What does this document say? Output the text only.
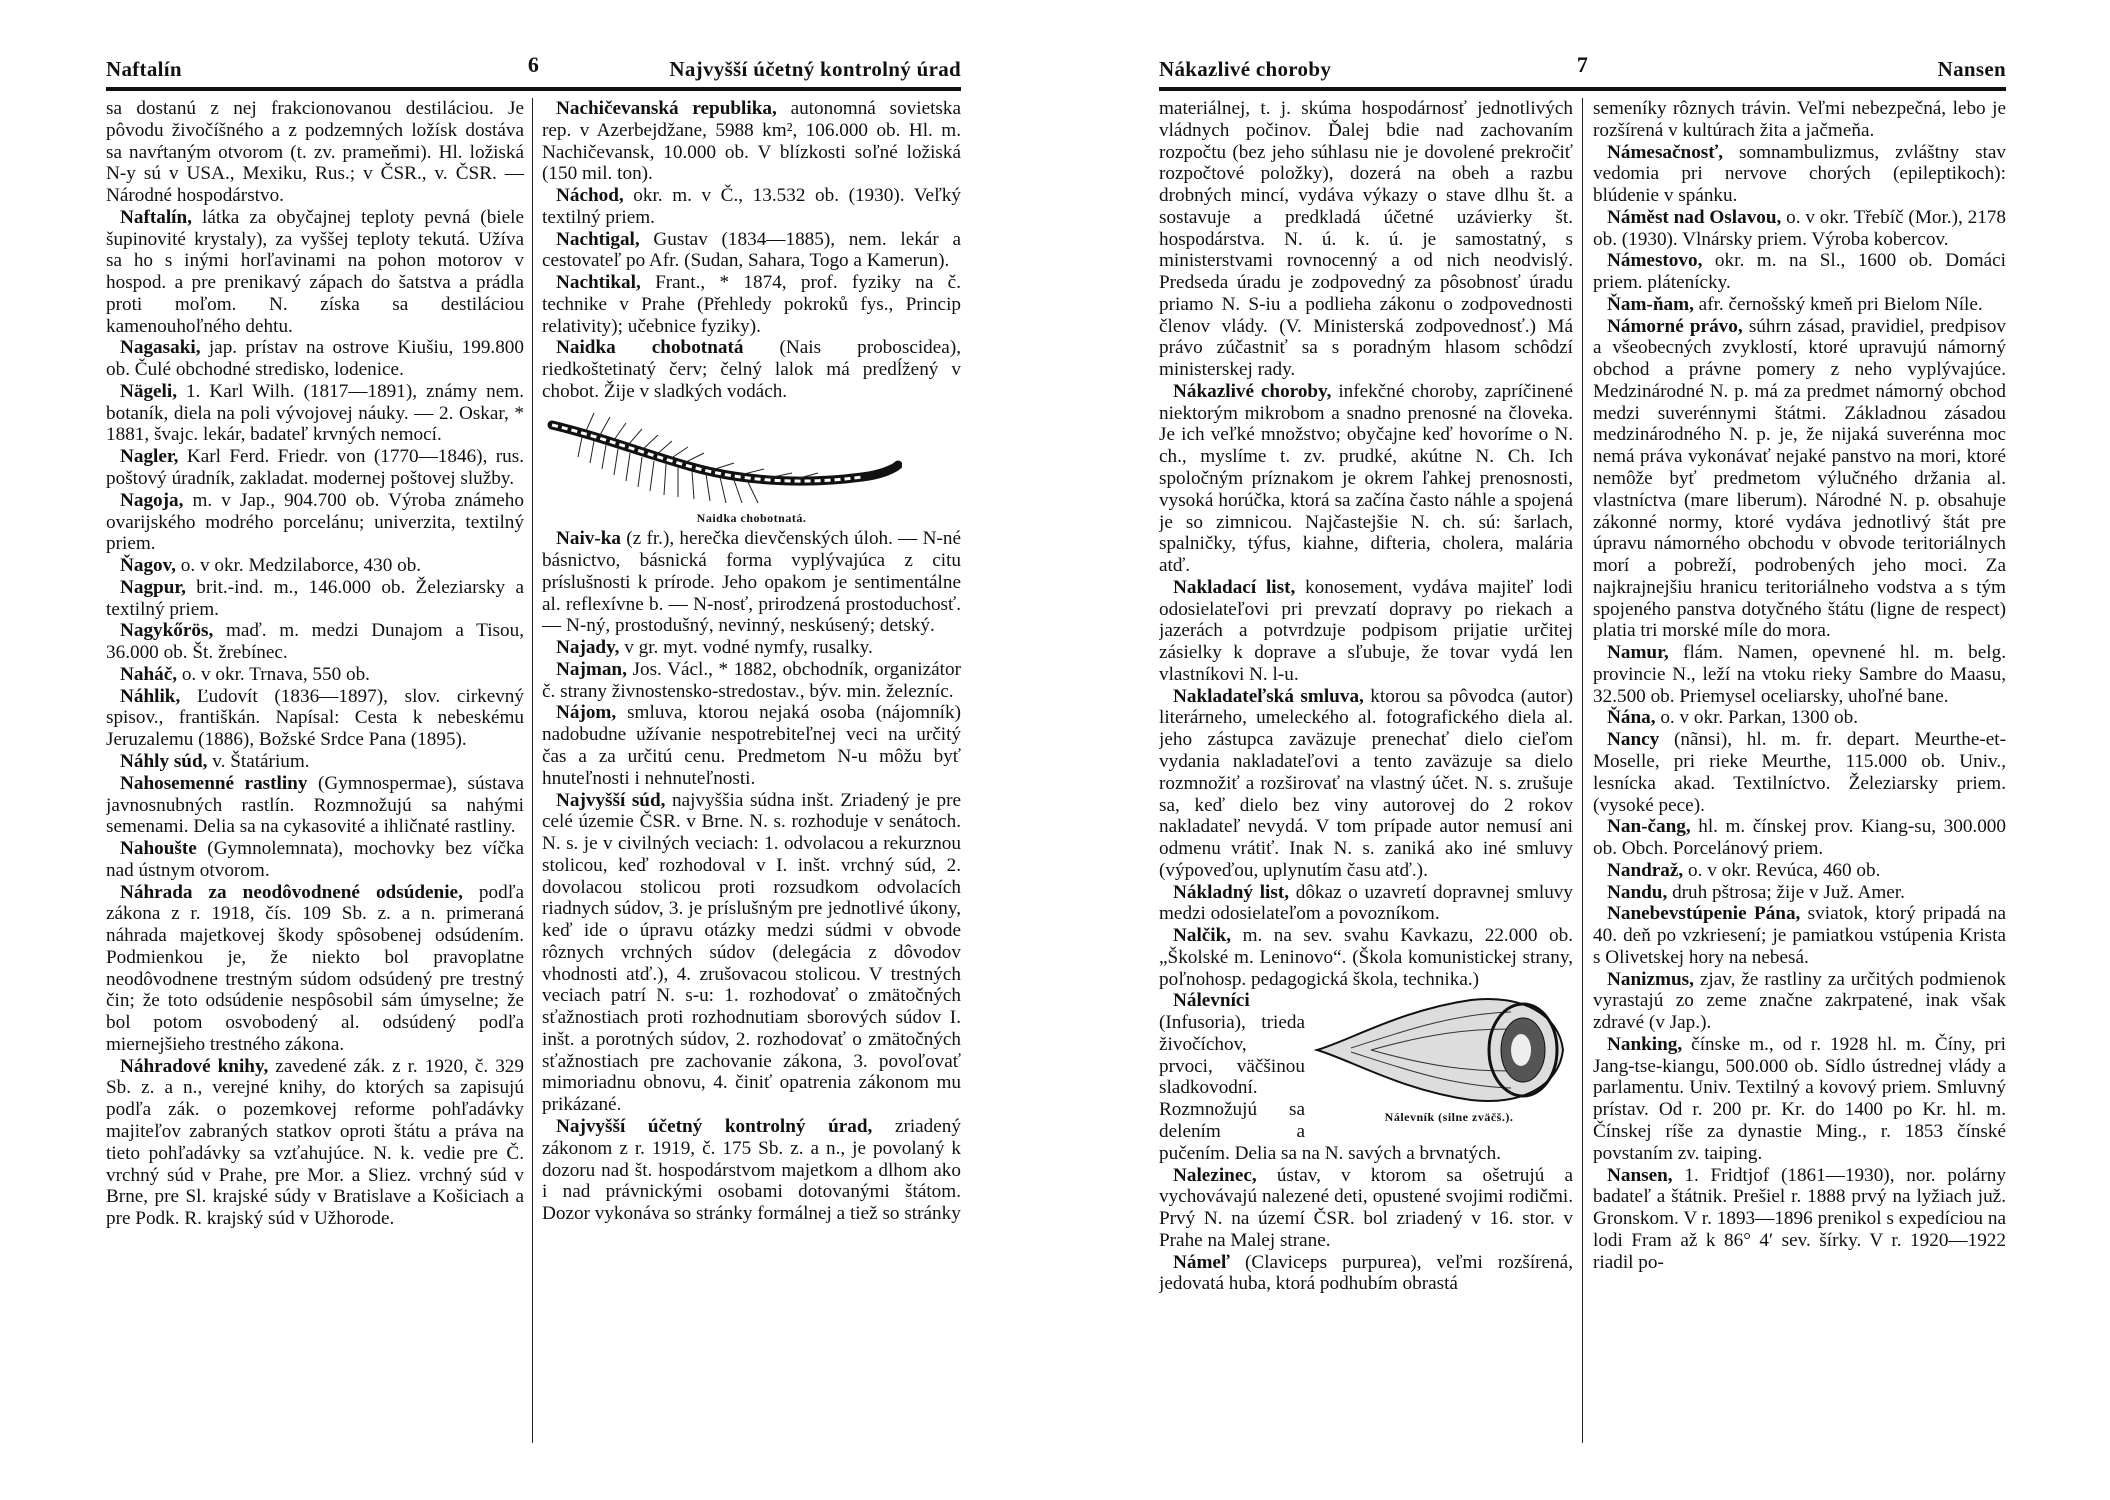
Naftalín	6	Najvyšší účetný kontrolný úrad

sa dostanú z nej frakcionovanou destiláciou. Je pôvodu živočíšného a z podzemných ložísk dostáva sa navŕtaným otvorom (t. zv. prameňmi). Hl. ložiská N-y sú v USA., Mexiku, Rus.; v ČSR., v. ČSR. — Národné hospodárstvo.

Naftalín, látka za obyčajnej teploty pevná (biele šupinovité krystaly), za vyššej teploty tekutá. Užíva sa ho s inými horľavinami na pohon motorov v hospod. a pre prenikavý zápach do šatstva a prádla proti moľom. N. získa sa destiláciou kamenouhoľného dehtu.

Nagasaki, jap. prístav na ostrove Kiušiu, 199.800 ob. Čulé obchodné stredisko, lodenice.

Nägeli, 1. Karl Wilh. (1817—1891), známy nem. botaník, diela na poli vývojovej náuky. — 2. Oskar, * 1881, švajc. lekár, badateľ krvných nemocí.

Nagler, Karl Ferd. Friedr. von (1770—1846), rus. poštový úradník, zakladat. modernej poštovej služby.

Nagoja, m. v Jap., 904.700 ob. Výroba známeho ovarijského modrého porcelánu; univerzita, textilný priem.

Ňagov, o. v okr. Medzilaborce, 430 ob.

Nagpur, brit.-ind. m., 146.000 ob. Železiarsky a textilný priem.

Nagykőrös, maď. m. medzi Dunajom a Tisou, 36.000 ob. Št. žrebínec.

Naháč, o. v okr. Trnava, 550 ob.

Náhlik, Ľudovít (1836—1897), slov. cirkevný spisov., františkán. Napísal: Cesta k nebeskému Jeruzalemu (1886), Božské Srdce Pana (1895).

Náhly súd, v. Štatárium.

Nahosemenné rastliny (Gymnospermae), sústava javnosnubných rastlín. Rozmnožujú sa nahými semenami. Delia sa na cykasovité a ihličnaté rastliny.

Nahoušte (Gymnolemnata), mochovky bez víčka nad ústnym otvorom.

Náhrada za neodôvodnené odsúdenie, podľa zákona z r. 1918, čís. 109 Sb. z. a n. primeraná náhrada majetkovej škody spôsobenej odsúdením. Podmienkou je, že niekto bol pravoplatne neodôvodnene trestným súdom odsúdený pre trestný čin; že toto odsúdenie nespôsobil sám úmyselne; že bol potom osvobodený al. odsúdený podľa miernejšieho trestného zákona.

Náhradové knihy, zavedené zák. z r. 1920, č. 329 Sb. z. a n., verejné knihy, do ktorých sa zapisujú podľa zák. o pozemkovej reforme pohľadávky majiteľov zabraných statkov oproti štátu a práva na tieto pohľadávky sa vzťahujúce. N. k. vedie pre Č. vrchný súd v Prahe, pre Mor. a Sliez. vrchný súd v Brne, pre Sl. krajské súdy v Bratislave a Košiciach a pre Podk. R. krajský súd v Užhorode.

Nachičevanská republika, autonomná sovietska rep. v Azerbejdžane, 5988 km², 106.000 ob. Hl. m. Nachičevansk, 10.000 ob. V blízkosti soľné ložiská (150 mil. ton).

Náchod, okr. m. v Č., 13.532 ob. (1930). Veľký textilný priem.

Nachtigal, Gustav (1834—1885), nem. lekár a cestovateľ po Afr. (Sudan, Sahara, Togo a Kamerun).

Nachtikal, Frant., * 1874, prof. fyziky na č. technike v Prahe (Přehledy pokroků fys., Princip relativity); učebnice fyziky).

Naidka chobotnatá (Nais proboscidea), riedkoštetinatý červ; čelný lalok má predĺžený v chobot. Žije v sladkých vodách.

Naidka chobotnatá.

Naiv-ka (z fr.), herečka dievčenských úloh. — N-né básnictvo, básnická forma vyplývajúca z citu príslušnosti k prírode. Jeho opakom je sentimentálne al. reflexívne b. — N-nosť, prirodzená prostoduchosť. — N-ný, prostodušný, nevinný, neskúsený; detský.

Najady, v gr. myt. vodné nymfy, rusalky.

Najman, Jos. Václ., * 1882, obchodník, organizátor č. strany živnostensko-stredostav., býv. min. železníc.

Nájom, smluva, ktorou nejaká osoba (nájomník) nadobudne užívanie nespotrebiteľnej veci na určitý čas a za určitú cenu. Predmetom N-u môžu byť hnuteľnosti i nehnuteľnosti.

Najvyšší súd, najvyššia súdna inšt. Zriadený je pre celé územie ČSR. v Brne. N. s. rozhoduje v senátoch. N. s. je v civilných veciach: 1. odvolacou a rekurznou stolicou, keď rozhodoval v I. inšt. vrchný súd, 2. dovolacou stolicou proti rozsudkom odvolacích riadnych súdov, 3. je príslušným pre jednotlivé úkony, keď ide o úpravu otázky medzi súdmi v obvode rôznych vrchných súdov (delegácia z dôvodov vhodnosti atď.), 4. zrušovacou stolicou. V trestných veciach patrí N. s-u: 1. rozhodovať o zmätočných sťažnostiach proti rozhodnutiam sborových súdov I. inšt. a porotných súdov, 2. rozhodovať o zmätočných sťažnostiach pre zachovanie zákona, 3. povoľovať mimoriadnu obnovu, 4. činiť opatrenia zákonom mu prikázané.

Najvyšší účetný kontrolný úrad, zriadený zákonom z r. 1919, č. 175 Sb. z. a n., je povolaný k dozoru nad št. hospodárstvom majetkom a dlhom ako i nad právnickými osobami dotovanými štátom. Dozor vykonáva so stránky formálnej a tiež so stránky

Nákazlivé choroby	7	Nansen

materiálnej, t. j. skúma hospodárnosť jednotlivých vládnych počinov. Ďalej bdie nad zachovaním rozpočtu (bez jeho súhlasu nie je dovolené prekročiť rozpočtové položky), dozerá na obeh a razbu drobných mincí, vydáva výkazy o stave dlhu št. a sostavuje a predkladá účetné uzávierky št. hospodárstva. N. ú. k. ú. je samostatný, s ministerstvami rovnocenný a od nich neodvislý. Predseda úradu je zodpovedný za pôsobnosť úradu priamo N. S-iu a podlieha zákonu o zodpovednosti členov vlády. (V. Ministerská zodpovednosť.) Má právo zúčastniť sa s poradným hlasom schôdzí ministerskej rady.

Nákazlivé choroby, infekčné choroby, zapríčinené niektorým mikrobom a snadno prenosné na človeka. Je ich veľké množstvo; obyčajne keď hovoríme o N. ch., myslíme t. zv. prudké, akútne N. Ch. Ich spoločným príznakom je okrem ľahkej prenosnosti, vysoká horúčka, ktorá sa začína často náhle a spojená je so zimnicou. Najčastejšie N. ch. sú: šarlach, spalničky, týfus, kiahne, difteria, cholera, malária atď.

Nakladací list, konosement, vydáva majiteľ lodi odosielateľovi pri prevzatí dopravy po riekach a jazerách a potvrdzuje podpisom prijatie určitej zásielky k doprave a sľubuje, že tovar vydá len vlastníkovi N. l-u.

Nakladateľská smluva, ktorou sa pôvodca (autor) literárneho, umeleckého al. fotografického diela al. jeho zástupca zaväzuje prenechať dielo cieľom vydania nakladateľovi a tento zaväzuje sa dielo rozmnožiť a rozširovať na vlastný účet. N. s. zrušuje sa, keď dielo bez viny autorovej do 2 rokov nakladateľ nevydá. V tom prípade autor nemusí ani odmenu vrátiť. Inak N. s. zaniká ako iné smluvy (výpoveďou, uplynutím času atď.).

Nákladný list, dôkaz o uzavretí dopravnej smluvy medzi odosielateľom a povozníkom.

Nalčik, m. na sev. svahu Kavkazu, 22.000 ob. „Školské m. Leninovo“. (Škola komunistickej strany, poľnohosp. pedagogická škola, technika.)

Nálevník (silne zväčš.).
Nálevníci (Infusoria), trieda živočíchov, prvoci, väčšinou sladkovodní. Rozmnožujú sa delením a pučením. Delia sa na N. savých a brvnatých.

Nalezinec, ústav, v ktorom sa ošetrujú a vychovávajú nalezené deti, opustené svojimi rodičmi. Prvý N. na území ČSR. bol zriadený v 16. stor. v Prahe na Malej strane.

Námeľ (Claviceps purpurea), veľmi rozšírená, jedovatá huba, ktorá podhubím obrastá

semeníky rôznych trávin. Veľmi nebezpečná, lebo je rozšírená v kultúrach žita a jačmeňa.

Námesačnosť, somnambulizmus, zvláštny stav vedomia pri nervove chorých (epileptikoch): blúdenie v spánku.

Náměst nad Oslavou, o. v okr. Třebíč (Mor.), 2178 ob. (1930). Vlnársky priem. Výroba kobercov.

Námestovo, okr. m. na Sl., 1600 ob. Domáci priem. plátenícky.

Ňam-ňam, afr. černošský kmeň pri Bielom Níle.

Námorné právo, súhrn zásad, pravidiel, predpisov a všeobecných zvyklostí, ktoré upravujú námorný obchod a právne pomery z neho vyplývajúce. Medzinárodné N. p. má za predmet námorný obchod medzi suverénnymi štátmi. Základnou zásadou medzinárodného N. p. je, že nijaká suverénna moc nemá práva vykonávať nejaké panstvo na mori, ktoré nemôže byť predmetom výlučného držania al. vlastníctva (mare liberum). Národné N. p. obsahuje zákonné normy, ktoré vydáva jednotlivý štát pre úpravu námorného obchodu v obvode teritoriálnych morí a pobreží, podrobených jeho moci. Za najkrajnejšiu hranicu teritoriálneho vodstva a s tým spojeného panstva dotyčného štátu (ligne de respect) platia tri morské míle do mora.

Namur, flám. Namen, opevnené hl. m. belg. provincie N., leží na vtoku rieky Sambre do Maasu, 32.500 ob. Priemysel oceliarsky, uhoľné bane.

Ňána, o. v okr. Parkan, 1300 ob.

Nancy (nãnsi), hl. m. fr. depart. Meurthe-et-Moselle, pri rieke Meurthe, 115.000 ob. Univ., lesnícka akad. Textilníctvo. Železiarsky priem. (vysoké pece).

Nan-čang, hl. m. čínskej prov. Kiang-su, 300.000 ob. Obch. Porcelánový priem.

Nandraž, o. v okr. Revúca, 460 ob.

Nandu, druh pštrosa; žije v Juž. Amer.

Nanebevstúpenie Pána, sviatok, ktorý pripadá na 40. deň po vzkriesení; je pamiatkou vstúpenia Krista s Olivetskej hory na nebesá.

Nanizmus, zjav, že rastliny za určitých podmienok vyrastajú zo zeme značne zakrpatené, inak však zdravé (v Jap.).

Nanking, čínske m., od r. 1928 hl. m. Číny, pri Jang-tse-kiangu, 500.000 ob. Sídlo ústrednej vlády a parlamentu. Univ. Textilný a kovový priem. Smluvný prístav. Od r. 200 pr. Kr. do 1400 po Kr. hl. m. Čínskej ríše za dynastie Ming., r. 1853 čínské povstaním zv. taiping.

Nansen, 1. Fridtjof (1861—1930), nor. polárny badateľ a štátnik. Prešiel r. 1888 prvý na lyžiach juž. Gronskom. V r. 1893—1896 prenikol s expedíciou na lodi Fram až k 86° 4′ sev. šírky. V r. 1920—1922 riadil po-
